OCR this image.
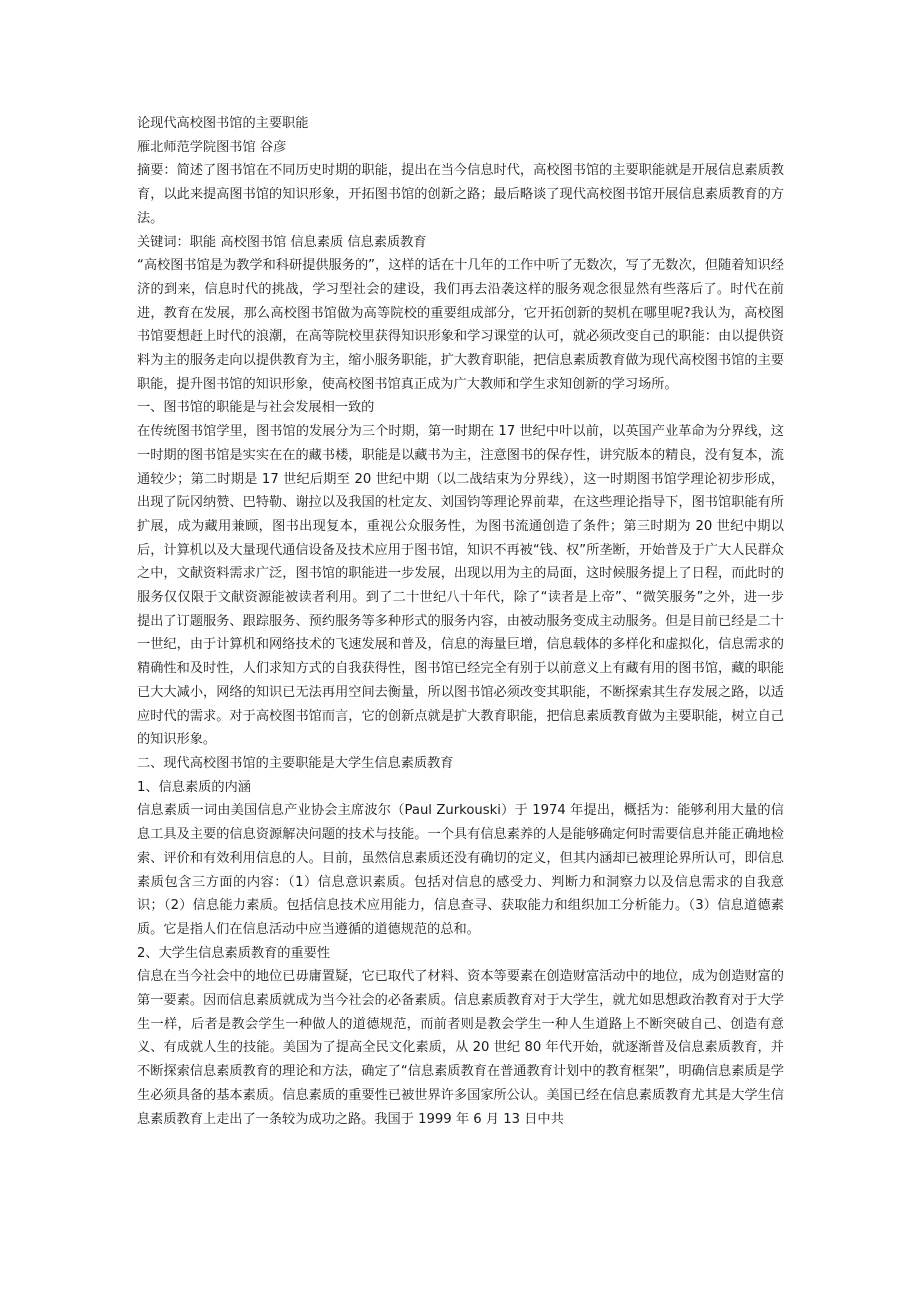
论现代高校图书馆的主要职能

雁北师范学院图书馆 谷彦

摘要：简述了图书馆在不同历史时期的职能，提出在当今信息时代，高校图书馆的主要职能就是开展信息素质教育，以此来提高图书馆的知识形象，开拓图书馆的创新之路；最后略谈了现代高校图书馆开展信息素质教育的方法。

关键词：职能 高校图书馆 信息素质 信息素质教育

“高校图书馆是为教学和科研提供服务的”，这样的话在十几年的工作中听了无数次，写了无数次，但随着知识经济的到来，信息时代的挑战，学习型社会的建设，我们再去沿袭这样的服务观念很显然有些落后了。时代在前进，教育在发展，那么高校图书馆做为高等院校的重要组成部分，它开拓创新的契机在哪里呢?我认为，高校图书馆要想赶上时代的浪潮，在高等院校里获得知识形象和学习课堂的认可，就必须改变自己的职能：由以提供资料为主的服务走向以提供教育为主，缩小服务职能，扩大教育职能，把信息素质教育做为现代高校图书馆的主要职能，提升图书馆的知识形象，使高校图书馆真正成为广大教师和学生求知创新的学习场所。

一、图书馆的职能是与社会发展相一致的

在传统图书馆学里，图书馆的发展分为三个时期，第一时期在 17 世纪中叶以前，以英国产业革命为分界线，这一时期的图书馆是实实在在的藏书楼，职能是以藏书为主，注意图书的保存性，讲究版本的精良，没有复本，流通较少；第二时期是 17 世纪后期至 20 世纪中期（以二战结束为分界线），这一时期图书馆学理论初步形成，出现了阮冈纳赞、巴特勒、谢拉以及我国的杜定友、刘国钧等理论界前辈，在这些理论指导下，图书馆职能有所扩展，成为藏用兼顾，图书出现复本，重视公众服务性，为图书流通创造了条件；第三时期为 20 世纪中期以后，计算机以及大量现代通信设备及技术应用于图书馆，知识不再被“钱、权”所垄断，开始普及于广大人民群众之中，文献资料需求广泛，图书馆的职能进一步发展，出现以用为主的局面，这时候服务提上了日程，而此时的服务仅仅限于文献资源能被读者利用。到了二十世纪八十年代，除了“读者是上帝”、“微笑服务”之外，进一步提出了订题服务、跟踪服务、预约服务等多种形式的服务内容，由被动服务变成主动服务。但是目前已经是二十一世纪，由于计算机和网络技术的飞速发展和普及，信息的海量巨增，信息载体的多样化和虚拟化，信息需求的精确性和及时性，人们求知方式的自我获得性，图书馆已经完全有别于以前意义上有藏有用的图书馆，藏的职能已大大减小，网络的知识已无法再用空间去衡量，所以图书馆必须改变其职能，不断探索其生存发展之路，以适应时代的需求。对于高校图书馆而言，它的创新点就是扩大教育职能，把信息素质教育做为主要职能，树立自己的知识形象。

二、现代高校图书馆的主要职能是大学生信息素质教育

1、信息素质的内涵

信息素质一词由美国信息产业协会主席波尔（Paul Zurkouski）于 1974 年提出，概括为：能够利用大量的信息工具及主要的信息资源解决问题的技术与技能。一个具有信息素养的人是能够确定何时需要信息并能正确地检索、评价和有效利用信息的人。目前，虽然信息素质还没有确切的定义，但其内涵却已被理论界所认可，即信息素质包含三方面的内容：（1）信息意识素质。包括对信息的感受力、判断力和洞察力以及信息需求的自我意识；（2）信息能力素质。包括信息技术应用能力，信息查寻、获取能力和组织加工分析能力。（3）信息道德素质。它是指人们在信息活动中应当遵循的道德规范的总和。

2、大学生信息素质教育的重要性

信息在当今社会中的地位已毋庸置疑，它已取代了材料、资本等要素在创造财富活动中的地位，成为创造财富的第一要素。因而信息素质就成为当今社会的必备素质。信息素质教育对于大学生，就尤如思想政治教育对于大学生一样，后者是教会学生一种做人的道德规范，而前者则是教会学生一种人生道路上不断突破自己、创造有意义、有成就人生的技能。美国为了提高全民文化素质，从 20 世纪 80 年代开始，就逐渐普及信息素质教育，并不断探索信息素质教育的理论和方法，确定了“信息素质教育在普通教育计划中的教育框架”，明确信息素质是学生必须具备的基本素质。信息素质的重要性已被世界许多国家所公认。美国已经在信息素质教育尤其是大学生信息素质教育上走出了一条较为成功之路。我国于 1999 年 6 月 13 日中共
